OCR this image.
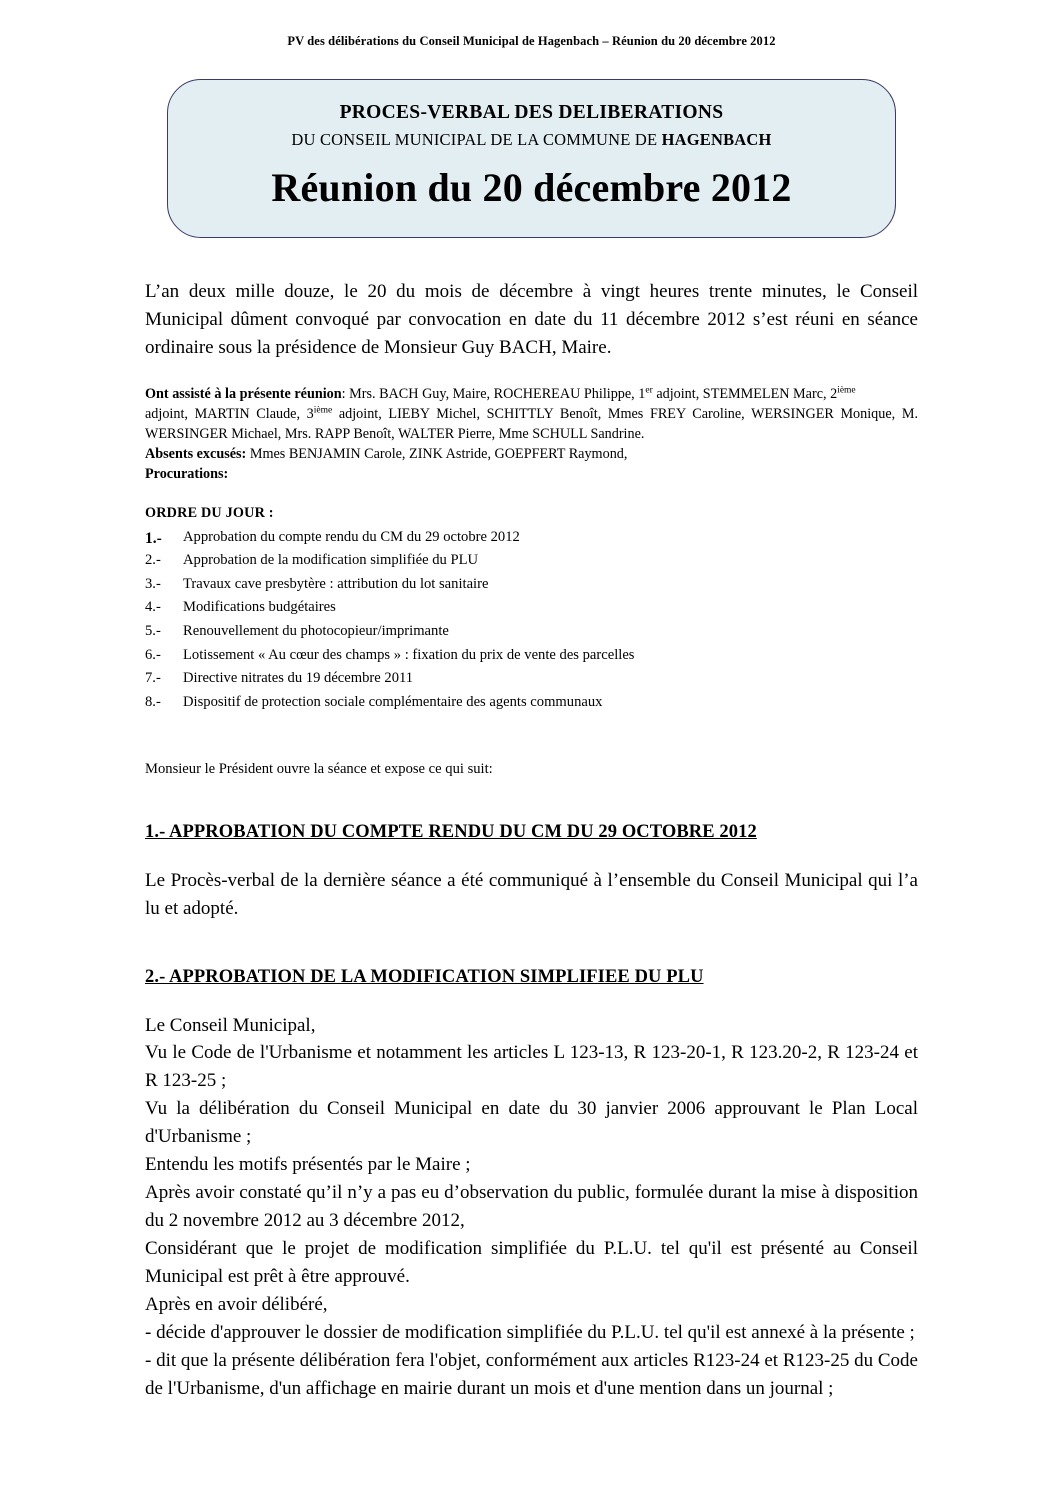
PV des délibérations du Conseil Municipal de Hagenbach – Réunion du 20 décembre 2012
PROCES-VERBAL DES DELIBERATIONS
DU CONSEIL MUNICIPAL DE LA COMMUNE DE HAGENBACH
Réunion du 20 décembre 2012
L’an deux mille douze, le 20 du mois de décembre à vingt heures trente minutes, le Conseil Municipal dûment convoqué par convocation en date du 11 décembre 2012 s’est réuni en séance ordinaire sous la présidence de Monsieur Guy BACH, Maire.
Ont assisté à la présente réunion: Mrs. BACH Guy, Maire, ROCHEREAU Philippe, 1er adjoint, STEMMELEN Marc, 2ième
adjoint, MARTIN Claude, 3ième adjoint, LIEBY Michel, SCHITTLY Benoît, Mmes FREY Caroline, WERSINGER Monique, M. WERSINGER Michael, Mrs. RAPP Benoît, WALTER Pierre, Mme SCHULL Sandrine.
Absents excusés: Mmes BENJAMIN Carole, ZINK Astride, GOEPFERT Raymond,
Procurations:
ORDRE DU JOUR :
1.-	Approbation du compte rendu du CM du 29 octobre 2012
2.-	Approbation de la modification simplifiée du PLU
3.-	Travaux cave presbytère : attribution du lot sanitaire
4.-	Modifications budgétaires
5.-	Renouvellement du photocopieur/imprimante
6.-	Lotissement « Au cœur des champs » : fixation du prix de vente des parcelles
7.-	Directive nitrates du 19 décembre 2011
8.-	Dispositif de protection sociale complémentaire des agents communaux
Monsieur le Président ouvre la séance et expose ce qui suit:
1.- APPROBATION DU COMPTE RENDU DU CM DU 29 OCTOBRE 2012
Le Procès-verbal de la dernière séance a été communiqué à l’ensemble du Conseil Municipal qui l’a lu et adopté.
2.- APPROBATION DE LA MODIFICATION SIMPLIFIEE DU PLU
Le Conseil Municipal,
Vu le Code de l'Urbanisme et notamment les articles L 123-13, R 123-20-1, R 123.20-2, R 123-24 et R 123-25 ;
Vu la délibération du Conseil Municipal en date du 30 janvier 2006 approuvant le Plan Local d'Urbanisme ;
Entendu les motifs présentés par le Maire ;
Après avoir constaté qu’il n’y a pas eu d’observation du public, formulée durant la mise à disposition du 2 novembre 2012 au 3 décembre 2012,
Considérant que le projet de modification simplifiée du P.L.U. tel qu'il est présenté au Conseil Municipal est prêt à être approuvé.
Après en avoir délibéré,
- décide d'approuver le dossier de modification simplifiée du P.L.U. tel qu'il est annexé à la présente ;
- dit que la présente délibération fera l'objet, conformément aux articles R123-24 et R123-25 du Code de l'Urbanisme, d'un affichage en mairie durant un mois et d'une mention dans un journal ;
